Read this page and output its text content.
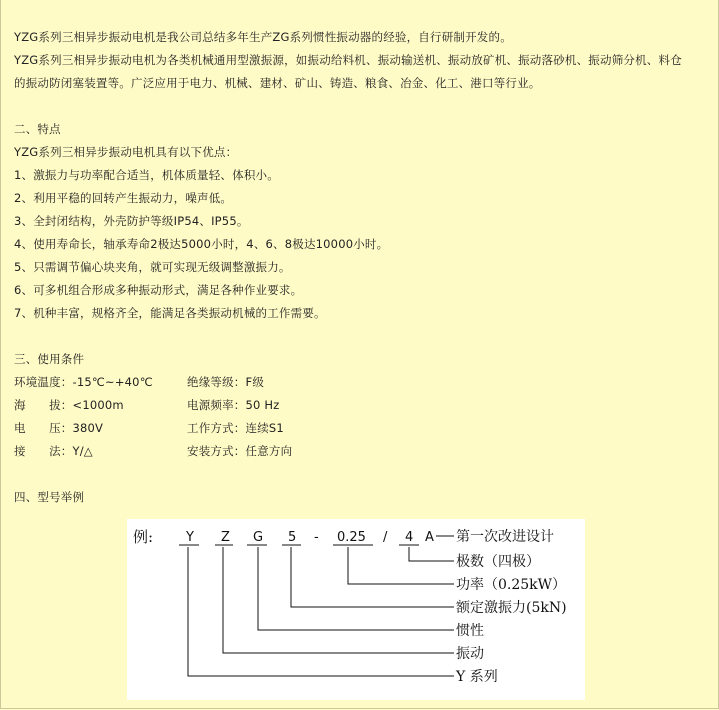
YZG系列三相异步振动电机是我公司总结多年生产ZG系列惯性振动器的经验，自行研制开发的。
YZG系列三相异步振动电机为各类机械通用型激振源，如振动给料机、振动输送机、振动放矿机、振动落砂机、振动筛分机、料仓
的振动防闭塞装置等。广泛应用于电力、机械、建材、矿山、铸造、粮食、冶金、化工、港口等行业。
二、特点
YZG系列三相异步振动电机具有以下优点：
1、激振力与功率配合适当，机体质量轻、体积小。
2、利用平稳的回转产生振动力，噪声低。
3、全封闭结构，外壳防护等级IP54、IP55。
4、使用寿命长，轴承寿命2极达5000小时，4、6、8极达10000小时。
5、只需调节偏心块夹角，就可实现无级调整激振力。
6、可多机组合形成多种振动形式，满足各种作业要求。
7、机种丰富，规格齐全，能满足各类振动机械的工作需要。
三、使用条件
环境温度：-15℃~+40℃	绝缘等级：F级
海　　拔：<1000m	电源频率：50 Hz
电　　压：380V	工作方式：连续S1
接　　法：Y/△	安装方式：任意方向
四、型号举例
例:	Y Z G 5 - 0.25 / 4 A 第一次改进设计
极数（四极）
功率（0.25kW）
额定激振力(5kN)
惯性
振动
Y 系列
